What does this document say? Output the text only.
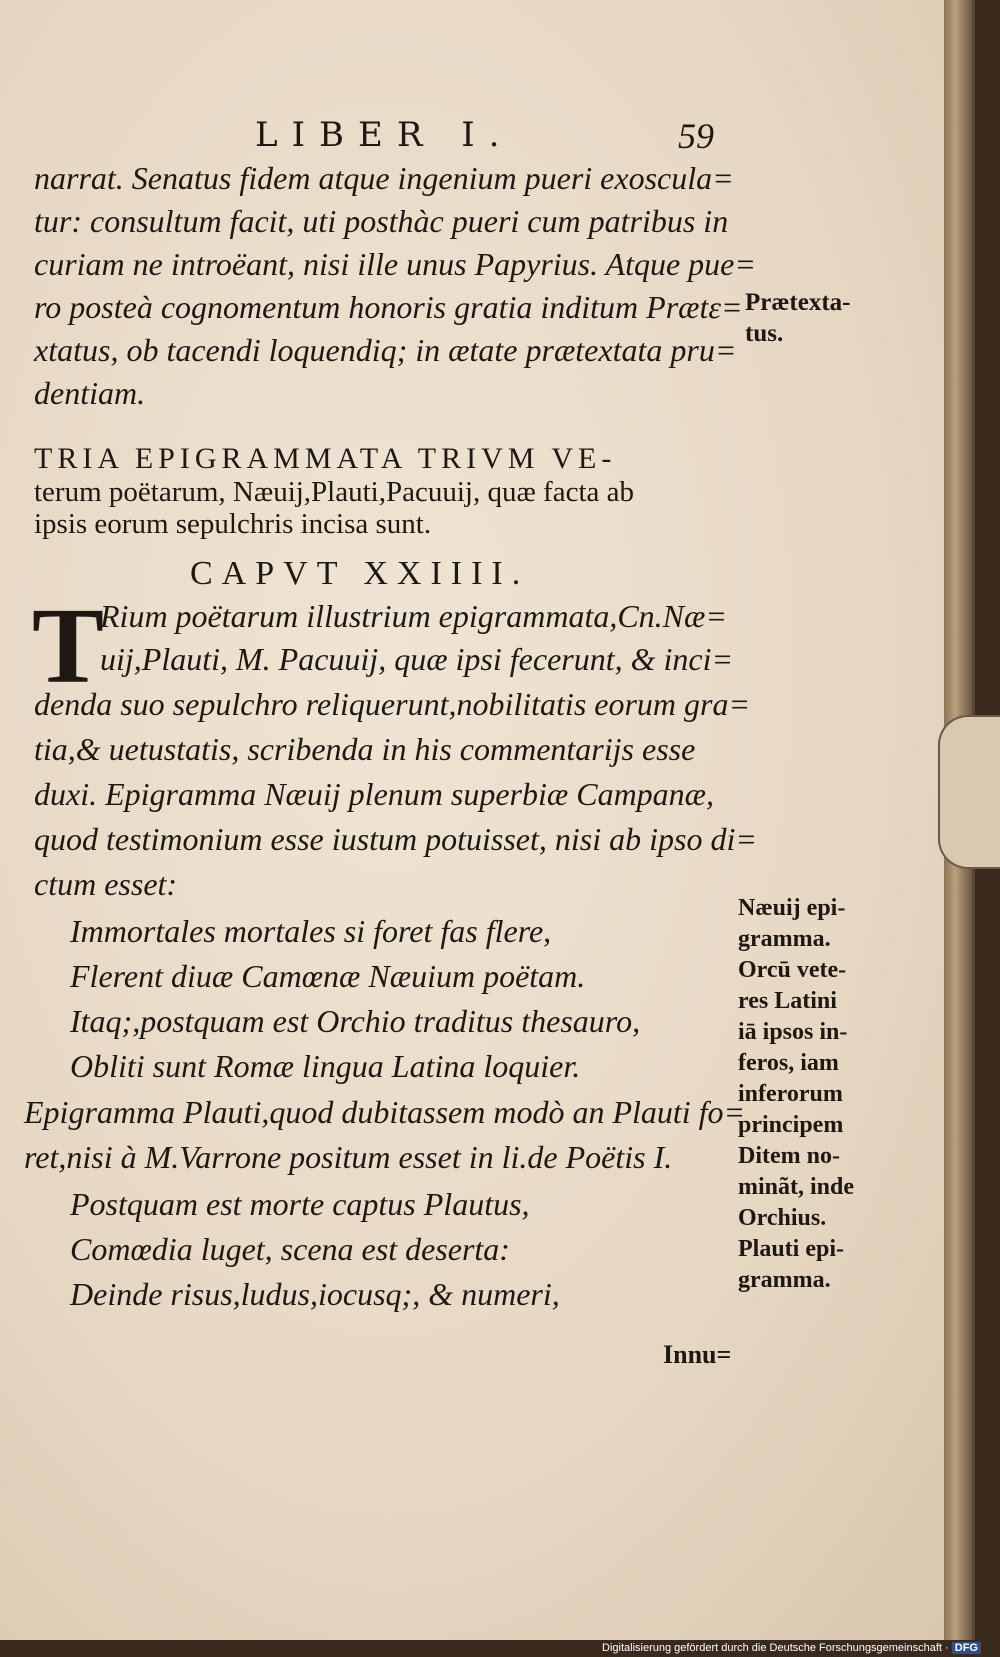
LIBER I.	59
narrat. Senatus fidem atque ingenium pueri exoscula=
tur: consultum facit, uti posthàc pueri cum patribus in
curiam ne introëant, nisi ille unus Papyrius. Atque pue=
ro posteà cognomentum honoris gratia inditum Prætε=
xtatus, ob tacendi loquendiq; in ætate prætextata pru=
dentiam.
TRIA EPIGRAMMATA TRIVM VE-
terum poëtarum, Næuij,Plauti,Pacuuij, quæ facta ab
ipsis eorum sepulchris incisa sunt.
CAPVT XXIIII.
T
Rium poëtarum illustrium epigrammata,Cn.Næ=
uij,Plauti, M. Pacuuij, quæ ipsi fecerunt, & inci=
denda suo sepulchro reliquerunt,nobilitatis eorum gra=
tia,& uetustatis, scribenda in his commentarijs esse
duxi. Epigramma Næuij plenum superbiæ Campanæ,
quod testimonium esse iustum potuisset, nisi ab ipso di=
ctum esset:
Immortales mortales si foret fas flere,
Flerent diuæ Camœnæ Næuium poëtam.
Itaq;,postquam est Orchio traditus thesauro,
Obliti sunt Romæ lingua Latina loquier.
Epigramma Plauti,quod dubitassem modò an Plauti fo=
ret,nisi à M.Varrone positum esset in li.de Poëtis I.
Postquam est morte captus Plautus,
Comœdia luget, scena est deserta:
Deinde risus,ludus,iocusq;, & numeri,
Innu=
Prætexta-
tus.
Næuij epi-
gramma.
Orcū vete-
res Latini
iā ipsos in-
feros, iam
inferorum
principem
Ditem no-
minãt, inde
Orchius.
Plauti epi-
gramma.
Digitalisierung gefördert durch die Deutsche Forschungsgemeinschaft · DFG
